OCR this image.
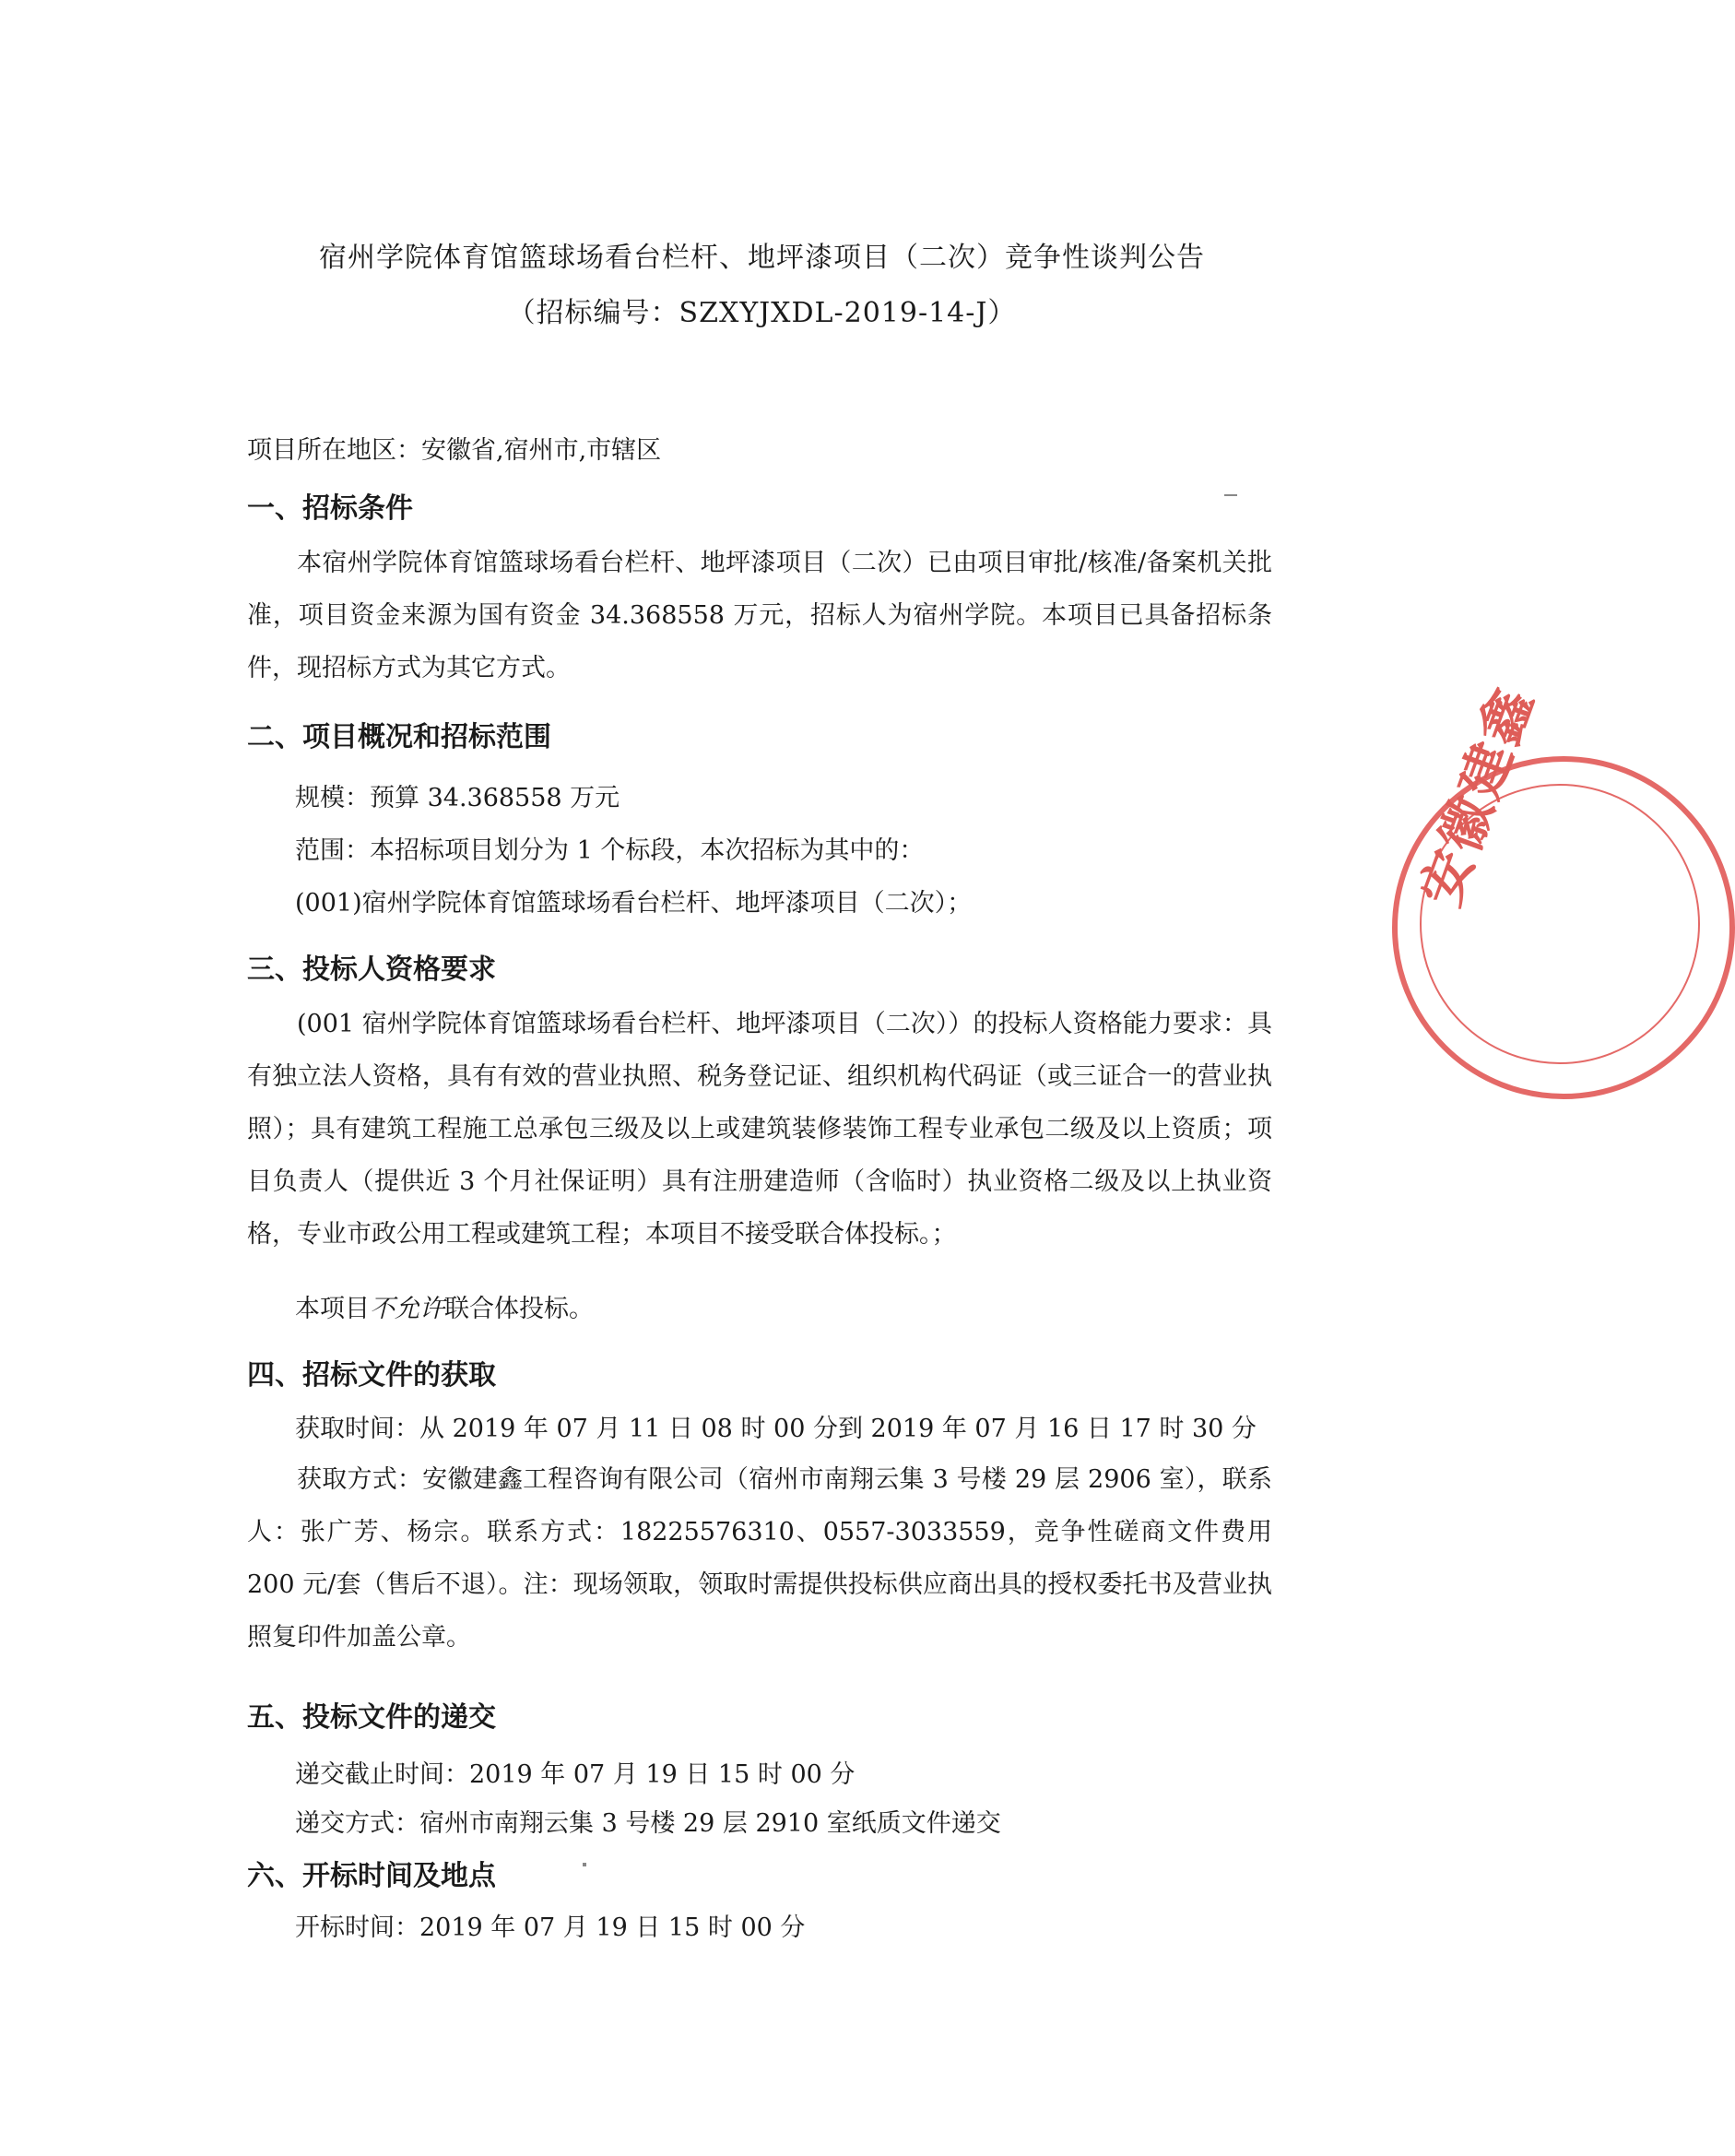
宿州学院体育馆篮球场看台栏杆、地坪漆项目（二次）竞争性谈判公告
（招标编号：SZXYJXDL-2019-14-J）
项目所在地区：安徽省,宿州市,市辖区
一、招标条件

本宿州学院体育馆篮球场看台栏杆、地坪漆项目（二次）已由项目审批/核准/备案机关批准，项目资金来源为国有资金 34.368558 万元，招标人为宿州学院。本项目已具备招标条件，现招标方式为其它方式。

二、项目概况和招标范围
规模：预算 34.368558 万元
范围：本招标项目划分为 1 个标段，本次招标为其中的：
(001)宿州学院体育馆篮球场看台栏杆、地坪漆项目（二次）；
三、投标人资格要求

(001 宿州学院体育馆篮球场看台栏杆、地坪漆项目（二次））的投标人资格能力要求：具有独立法人资格，具有有效的营业执照、税务登记证、组织机构代码证（或三证合一的营业执照）；具有建筑工程施工总承包三级及以上或建筑装修装饰工程专业承包二级及以上资质；项目负责人（提供近 3 个月社保证明）具有注册建造师（含临时）执业资格二级及以上执业资格，专业市政公用工程或建筑工程；本项目不接受联合体投标。；

本项目不允许联合体投标。
四、招标文件的获取
获取时间：从 2019 年 07 月 11 日 08 时 00 分到 2019 年 07 月 16 日 17 时 30 分

获取方式：安徽建鑫工程咨询有限公司（宿州市南翔云集 3 号楼 29 层 2906 室），联系人：张广芳、杨宗。联系方式：18225576310、0557-3033559，竞争性磋商文件费用 200 元/套（售后不退）。注：现场领取，领取时需提供投标供应商出具的授权委托书及营业执照复印件加盖公章。

五、投标文件的递交
递交截止时间：2019 年 07 月 19 日 15 时 00 分
递交方式：宿州市南翔云集 3 号楼 29 层 2910 室纸质文件递交
六、开标时间及地点
开标时间：2019 年 07 月 19 日 15 时 00 分
安徽建鑫
